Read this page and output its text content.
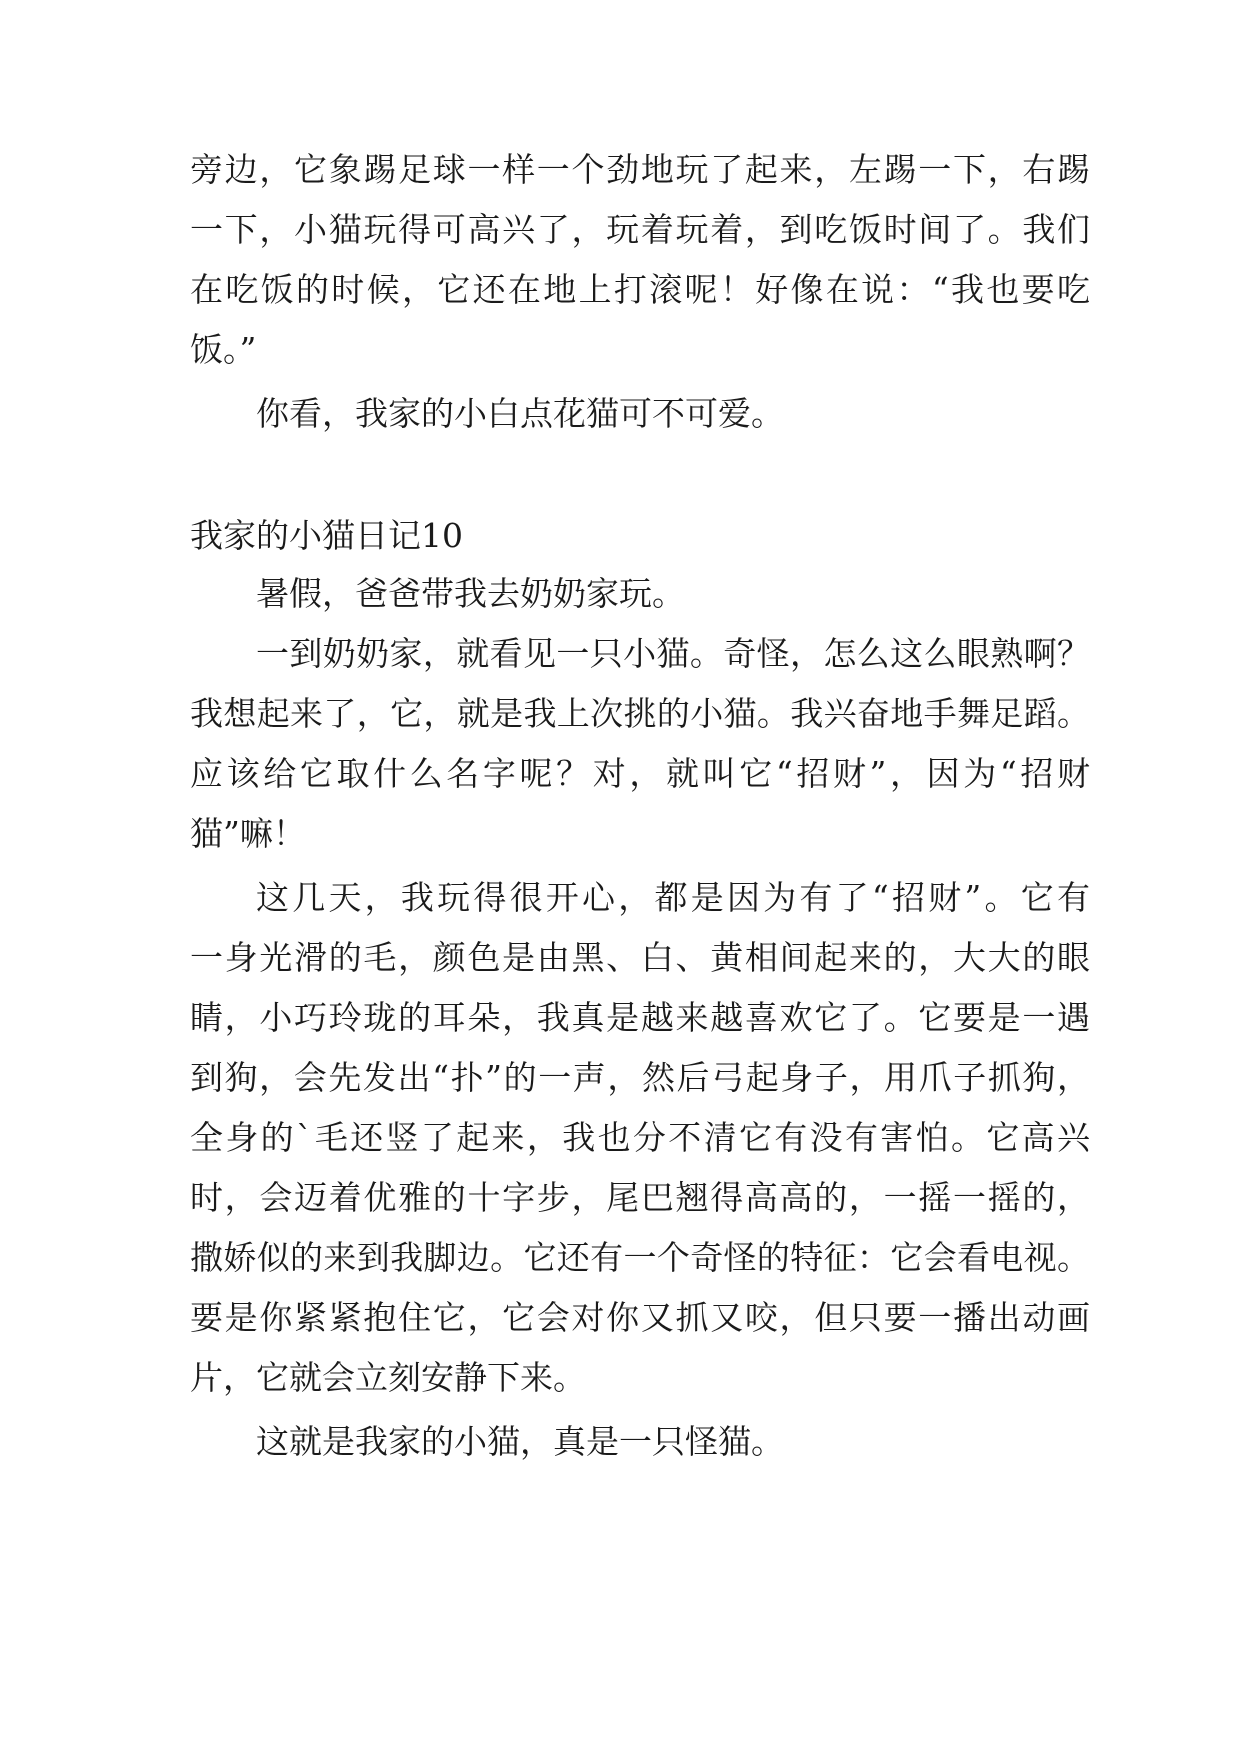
旁边，它象踢足球一样一个劲地玩了起来，左踢一下，右踢
一下，小猫玩得可高兴了，玩着玩着，到吃饭时间了。我们
在吃饭的时候，它还在地上打滚呢！好像在说：“我也要吃
饭。”
你看，我家的小白点花猫可不可爱。
我家的小猫日记10
暑假，爸爸带我去奶奶家玩。
一到奶奶家，就看见一只小猫。奇怪，怎么这么眼熟啊？
我想起来了，它，就是我上次挑的小猫。我兴奋地手舞足蹈。
应该给它取什么名字呢？对，就叫它“招财”，因为“招财
猫”嘛！
这几天，我玩得很开心，都是因为有了“招财”。它有
一身光滑的毛，颜色是由黑、白、黄相间起来的，大大的眼
睛，小巧玲珑的耳朵，我真是越来越喜欢它了。它要是一遇
到狗，会先发出“扑”的一声，然后弓起身子，用爪子抓狗，
全身的`毛还竖了起来，我也分不清它有没有害怕。它高兴
时，会迈着优雅的十字步，尾巴翘得高高的，一摇一摇的，
撒娇似的来到我脚边。它还有一个奇怪的特征：它会看电视。
要是你紧紧抱住它，它会对你又抓又咬，但只要一播出动画
片，它就会立刻安静下来。
这就是我家的小猫，真是一只怪猫。
